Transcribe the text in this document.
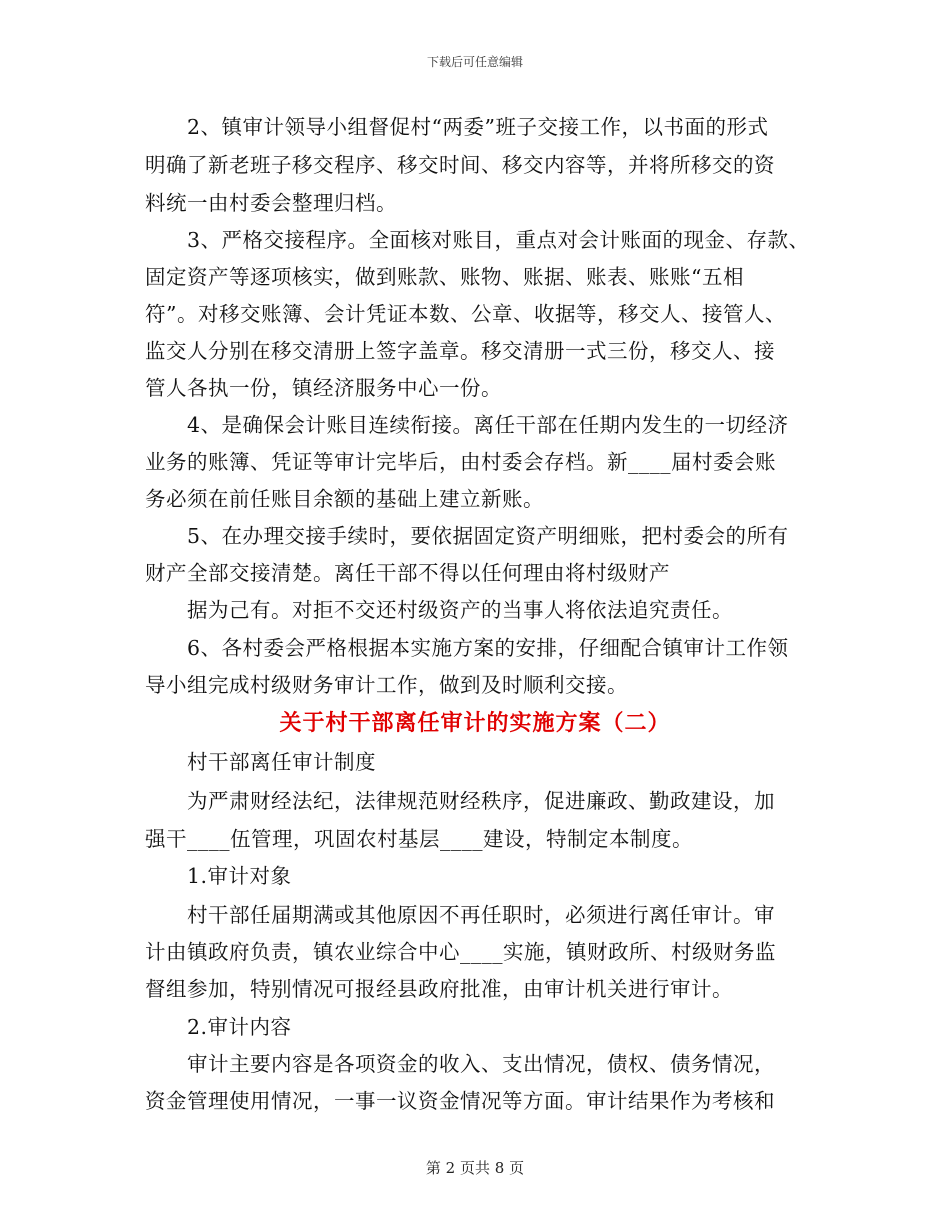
下载后可任意编辑
2、镇审计领导小组督促村“两委”班子交接工作，以书面的形式
明确了新老班子移交程序、移交时间、移交内容等，并将所移交的资
料统一由村委会整理归档。
3、严格交接程序。全面核对账目，重点对会计账面的现金、存款、
固定资产等逐项核实，做到账款、账物、账据、账表、账账“五相
符”。对移交账簿、会计凭证本数、公章、收据等，移交人、接管人、
监交人分别在移交清册上签字盖章。移交清册一式三份，移交人、接
管人各执一份，镇经济服务中心一份。
4、是确保会计账目连续衔接。离任干部在任期内发生的一切经济
业务的账簿、凭证等审计完毕后，由村委会存档。新____届村委会账
务必须在前任账目余额的基础上建立新账。
5、在办理交接手续时，要依据固定资产明细账，把村委会的所有
财产全部交接清楚。离任干部不得以任何理由将村级财产
据为己有。对拒不交还村级资产的当事人将依法追究责任。
6、各村委会严格根据本实施方案的安排，仔细配合镇审计工作领
导小组完成村级财务审计工作，做到及时顺利交接。
关于村干部离任审计的实施方案（二）
村干部离任审计制度
为严肃财经法纪，法律规范财经秩序，促进廉政、勤政建设，加
强干____伍管理，巩固农村基层____建设，特制定本制度。
1.审计对象
村干部任届期满或其他原因不再任职时，必须进行离任审计。审
计由镇政府负责，镇农业综合中心____实施，镇财政所、村级财务监
督组参加，特别情况可报经县政府批准，由审计机关进行审计。
2.审计内容
审计主要内容是各项资金的收入、支出情况，债权、债务情况，
资金管理使用情况，一事一议资金情况等方面。审计结果作为考核和
第 2 页共 8 页
